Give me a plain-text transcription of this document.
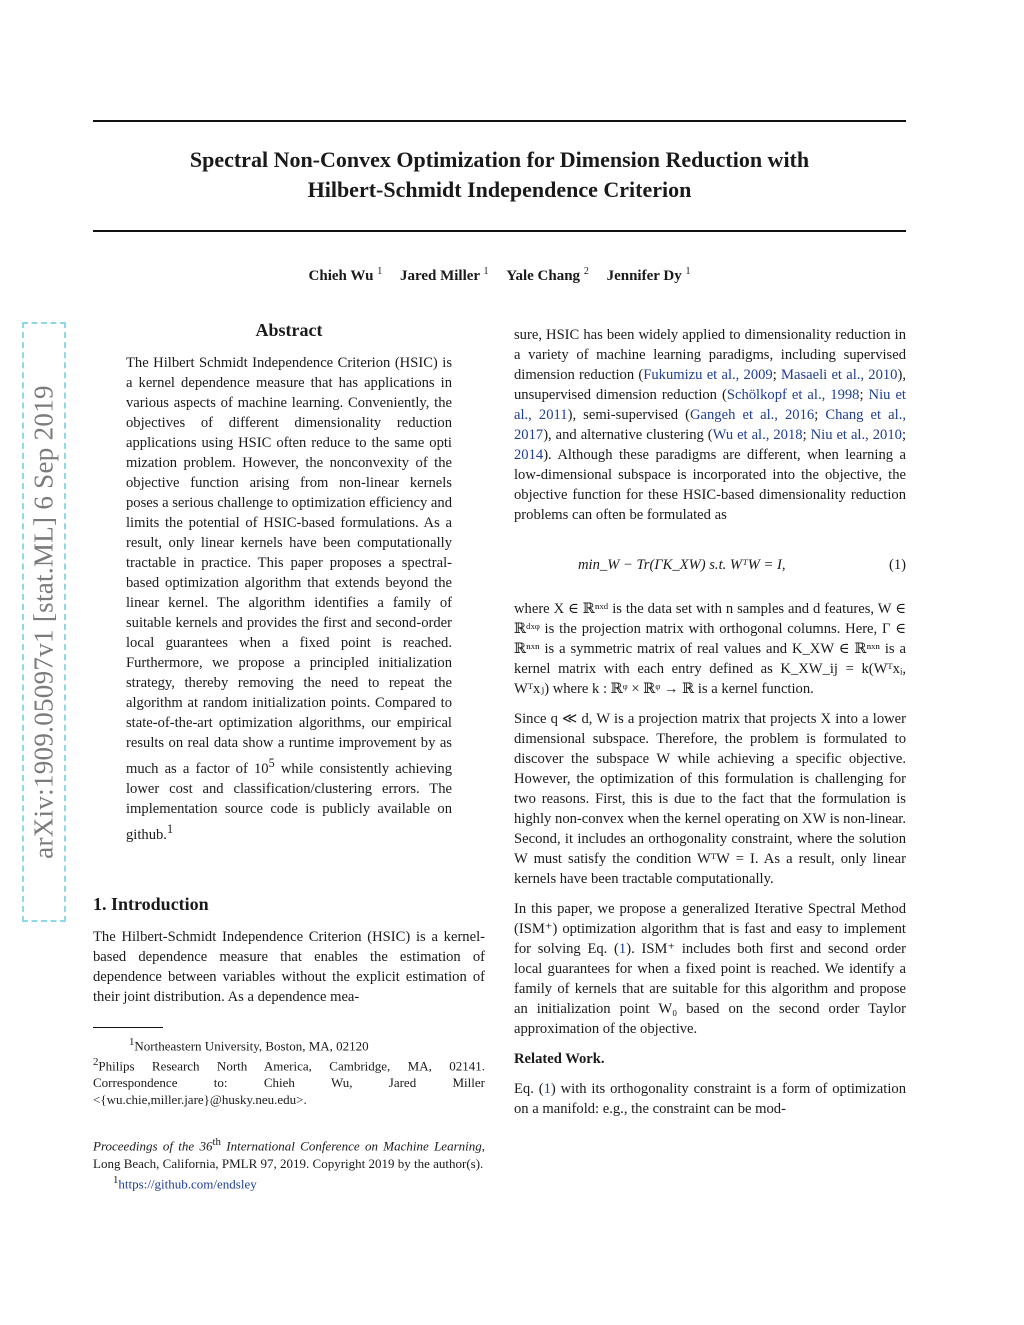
Spectral Non-Convex Optimization for Dimension Reduction with
Hilbert-Schmidt Independence Criterion
Chieh Wu $^1$ Jared Miller $^1$ Yale Chang $^2$ Jennifer Dy $^1$
arXiv:1909.05097v1 [stat.ML] 6 Sep 2019
Abstract
The Hilbert Schmidt Independence Criterion (HSIC) is a kernel dependence measure that has applications in various aspects of machine learning. Conveniently, the objectives of different dimensionality reduction applications using HSIC often reduce to the same opti mization problem. However, the nonconvexity of the objective function arising from non-linear kernels poses a serious challenge to optimization efficiency and limits the potential of HSIC-based formulations. As a result, only linear kernels have been computationally tractable in practice. This paper proposes a spectral-based optimization algorithm that extends beyond the linear kernel. The algorithm identifies a family of suitable kernels and provides the first and second-order local guarantees when a fixed point is reached. Furthermore, we propose a principled initialization strategy, thereby removing the need to repeat the algorithm at random initialization points. Compared to state-of-the-art optimization algorithms, our empirical results on real data show a runtime improvement by as much as a factor of $10^5$ while consistently achieving lower cost and classification/clustering errors. The implementation source code is publicly available on github.$^1$
1. Introduction

The Hilbert-Schmidt Independence Criterion (HSIC) is a kernel-based dependence measure that enables the estimation of dependence between variables without the explicit estimation of their joint distribution. As a dependence mea-

$^1$Northeastern University, Boston, MA, 02120
$^2$Philips Research North America, Cambridge, MA, 02141. Correspondence to: Chieh Wu, Jared Miller <{wu.chie,miller.jare}@husky.neu.edu>.
Proceedings of the 36th International Conference on Machine Learning, Long Beach, California, PMLR 97, 2019. Copyright 2019 by the author(s).
$^1$https://github.com/endsley

sure, HSIC has been widely applied to dimensionality reduction in a variety of machine learning paradigms, including supervised dimension reduction (Fukumizu et al., 2009; Masaeli et al., 2010), unsupervised dimension reduction (Schölkopf et al., 1998; Niu et al., 2011), semi-supervised (Gangeh et al., 2016; Chang et al., 2017), and alternative clustering (Wu et al., 2018; Niu et al., 2010; 2014). Although these paradigms are different, when learning a low-dimensional subspace is incorporated into the objective, the objective function for these HSIC-based dimensionality reduction problems can often be formulated as

min_W − Tr(ΓK_XW) s.t. WᵀW = I,	(1)

where X ∈ ℝⁿˣᵈ is the data set with n samples and d features, W ∈ ℝᵈˣᵠ is the projection matrix with orthogonal columns. Here, Γ ∈ ℝⁿˣⁿ is a symmetric matrix of real values and K_XW ∈ ℝⁿˣⁿ is a kernel matrix with each entry defined as K_XW_ij = k(Wᵀxᵢ, Wᵀxⱼ) where k : ℝᵠ × ℝᵠ → ℝ is a kernel function.

Since q ≪ d, W is a projection matrix that projects X into a lower dimensional subspace. Therefore, the problem is formulated to discover the subspace W while achieving a specific objective. However, the optimization of this formulation is challenging for two reasons. First, this is due to the fact that the formulation is highly non-convex when the kernel operating on XW is non-linear. Second, it includes an orthogonality constraint, where the solution W must satisfy the condition WᵀW = I. As a result, only linear kernels have been tractable computationally.

In this paper, we propose a generalized Iterative Spectral Method (ISM⁺) optimization algorithm that is fast and easy to implement for solving Eq. (1). ISM⁺ includes both first and second order local guarantees for when a fixed point is reached. We identify a family of kernels that are suitable for this algorithm and propose an initialization point W₀ based on the second order Taylor approximation of the objective.

Related Work.

Eq. (1) with its orthogonality constraint is a form of optimization on a manifold: e.g., the constraint can be mod-
